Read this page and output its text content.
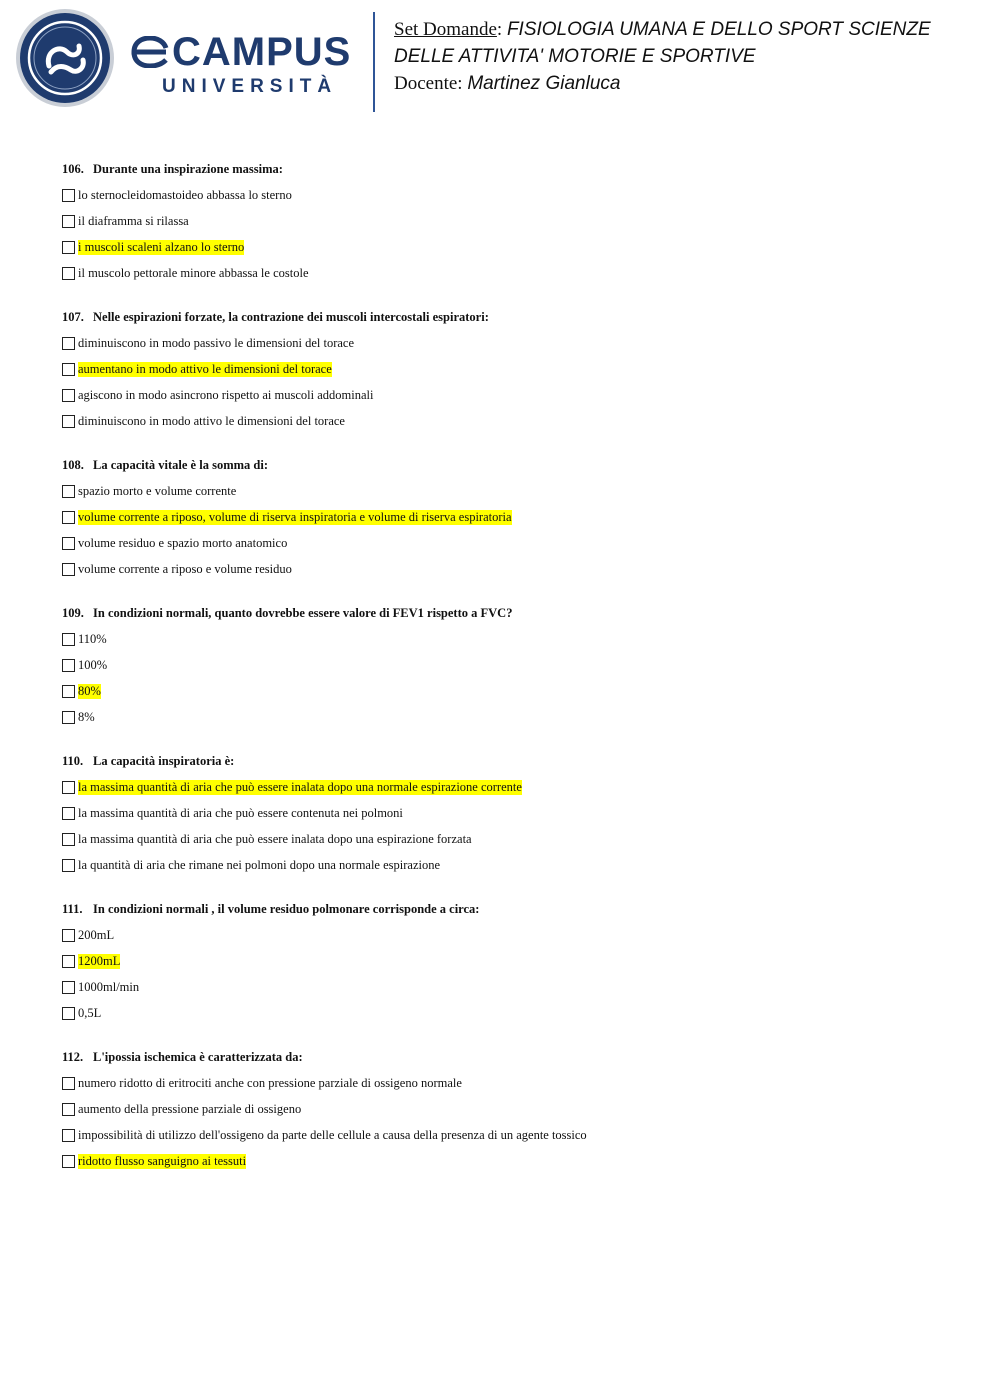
CAMPUS
UNIVERSITÀ
Set Domande: FISIOLOGIA UMANA E DELLO SPORT SCIENZE
DELLE ATTIVITA' MOTORIE E SPORTIVE
Docente: Martinez Gianluca
106. Durante una inspirazione massima:
lo sternocleidomastoideo abbassa lo sterno
il diaframma si rilassa
i muscoli scaleni alzano lo sterno
il muscolo pettorale minore abbassa le costole
107. Nelle espirazioni forzate, la contrazione dei muscoli intercostali espiratori:
diminuiscono in modo passivo le dimensioni del torace
aumentano in modo attivo le dimensioni del torace
agiscono in modo asincrono rispetto ai muscoli addominali
diminuiscono in modo attivo le dimensioni del torace
108. La capacità vitale è la somma di:
spazio morto e volume corrente
volume corrente a riposo, volume di riserva inspiratoria e volume di riserva espiratoria
volume residuo e spazio morto anatomico
volume corrente a riposo e volume residuo
109. In condizioni normali, quanto dovrebbe essere valore di FEV1 rispetto a FVC?
110%
100%
80%
8%
110. La capacità inspiratoria è:
la massima quantità di aria che può essere inalata dopo una normale espirazione corrente
la massima quantità di aria che può essere contenuta nei polmoni
la massima quantità di aria che può essere inalata dopo una espirazione forzata
la quantità di aria che rimane nei polmoni dopo una normale espirazione
111. In condizioni normali , il volume residuo polmonare corrisponde a circa:
200mL
1200mL
1000ml/min
0,5L
112. L'ipossia ischemica è caratterizzata da:
numero ridotto di eritrociti anche con pressione parziale di ossigeno normale
aumento della pressione parziale di ossigeno
impossibilità di utilizzo dell'ossigeno da parte delle cellule a causa della presenza di un agente tossico
ridotto flusso sanguigno ai tessuti
